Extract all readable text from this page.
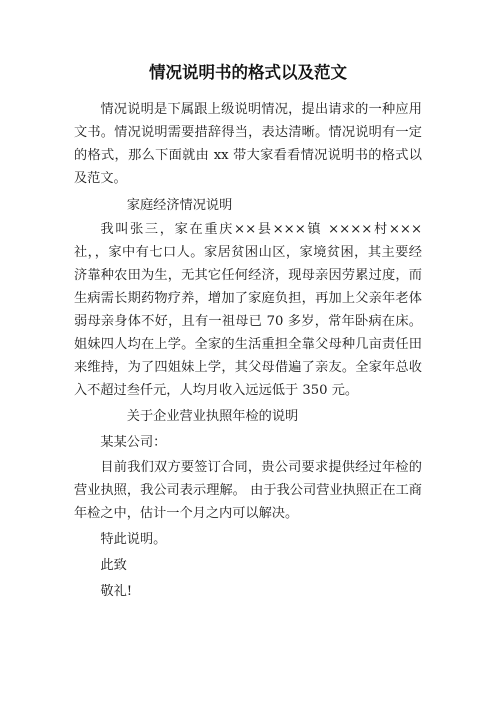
情况说明书的格式以及范文

情况说明是下属跟上级说明情况，提出请求的一种应用文书。情况说明需要措辞得当，表达清晰。情况说明有一定的格式，那么下面就由 xx 带大家看看情况说明书的格式以及范文。

家庭经济情况说明

我叫张三，家在重庆××县×××镇 ××××村×××社，，家中有七口人。家居贫困山区，家境贫困，其主要经济靠种农田为生，无其它任何经济，现母亲因劳累过度，而生病需长期药物疗养，增加了家庭负担，再加上父亲年老体弱母亲身体不好，且有一祖母已 70 多岁，常年卧病在床。姐妹四人均在上学。全家的生活重担全靠父母种几亩责任田来维持，为了四姐妹上学，其父母借遍了亲友。全家年总收入不超过叁仟元，人均月收入远远低于 350 元。

关于企业营业执照年检的说明

某某公司：

目前我们双方要签订合同，贵公司要求提供经过年检的营业执照，我公司表示理解。 由于我公司营业执照正在工商年检之中，估计一个月之内可以解决。

特此说明。

此致

敬礼!
